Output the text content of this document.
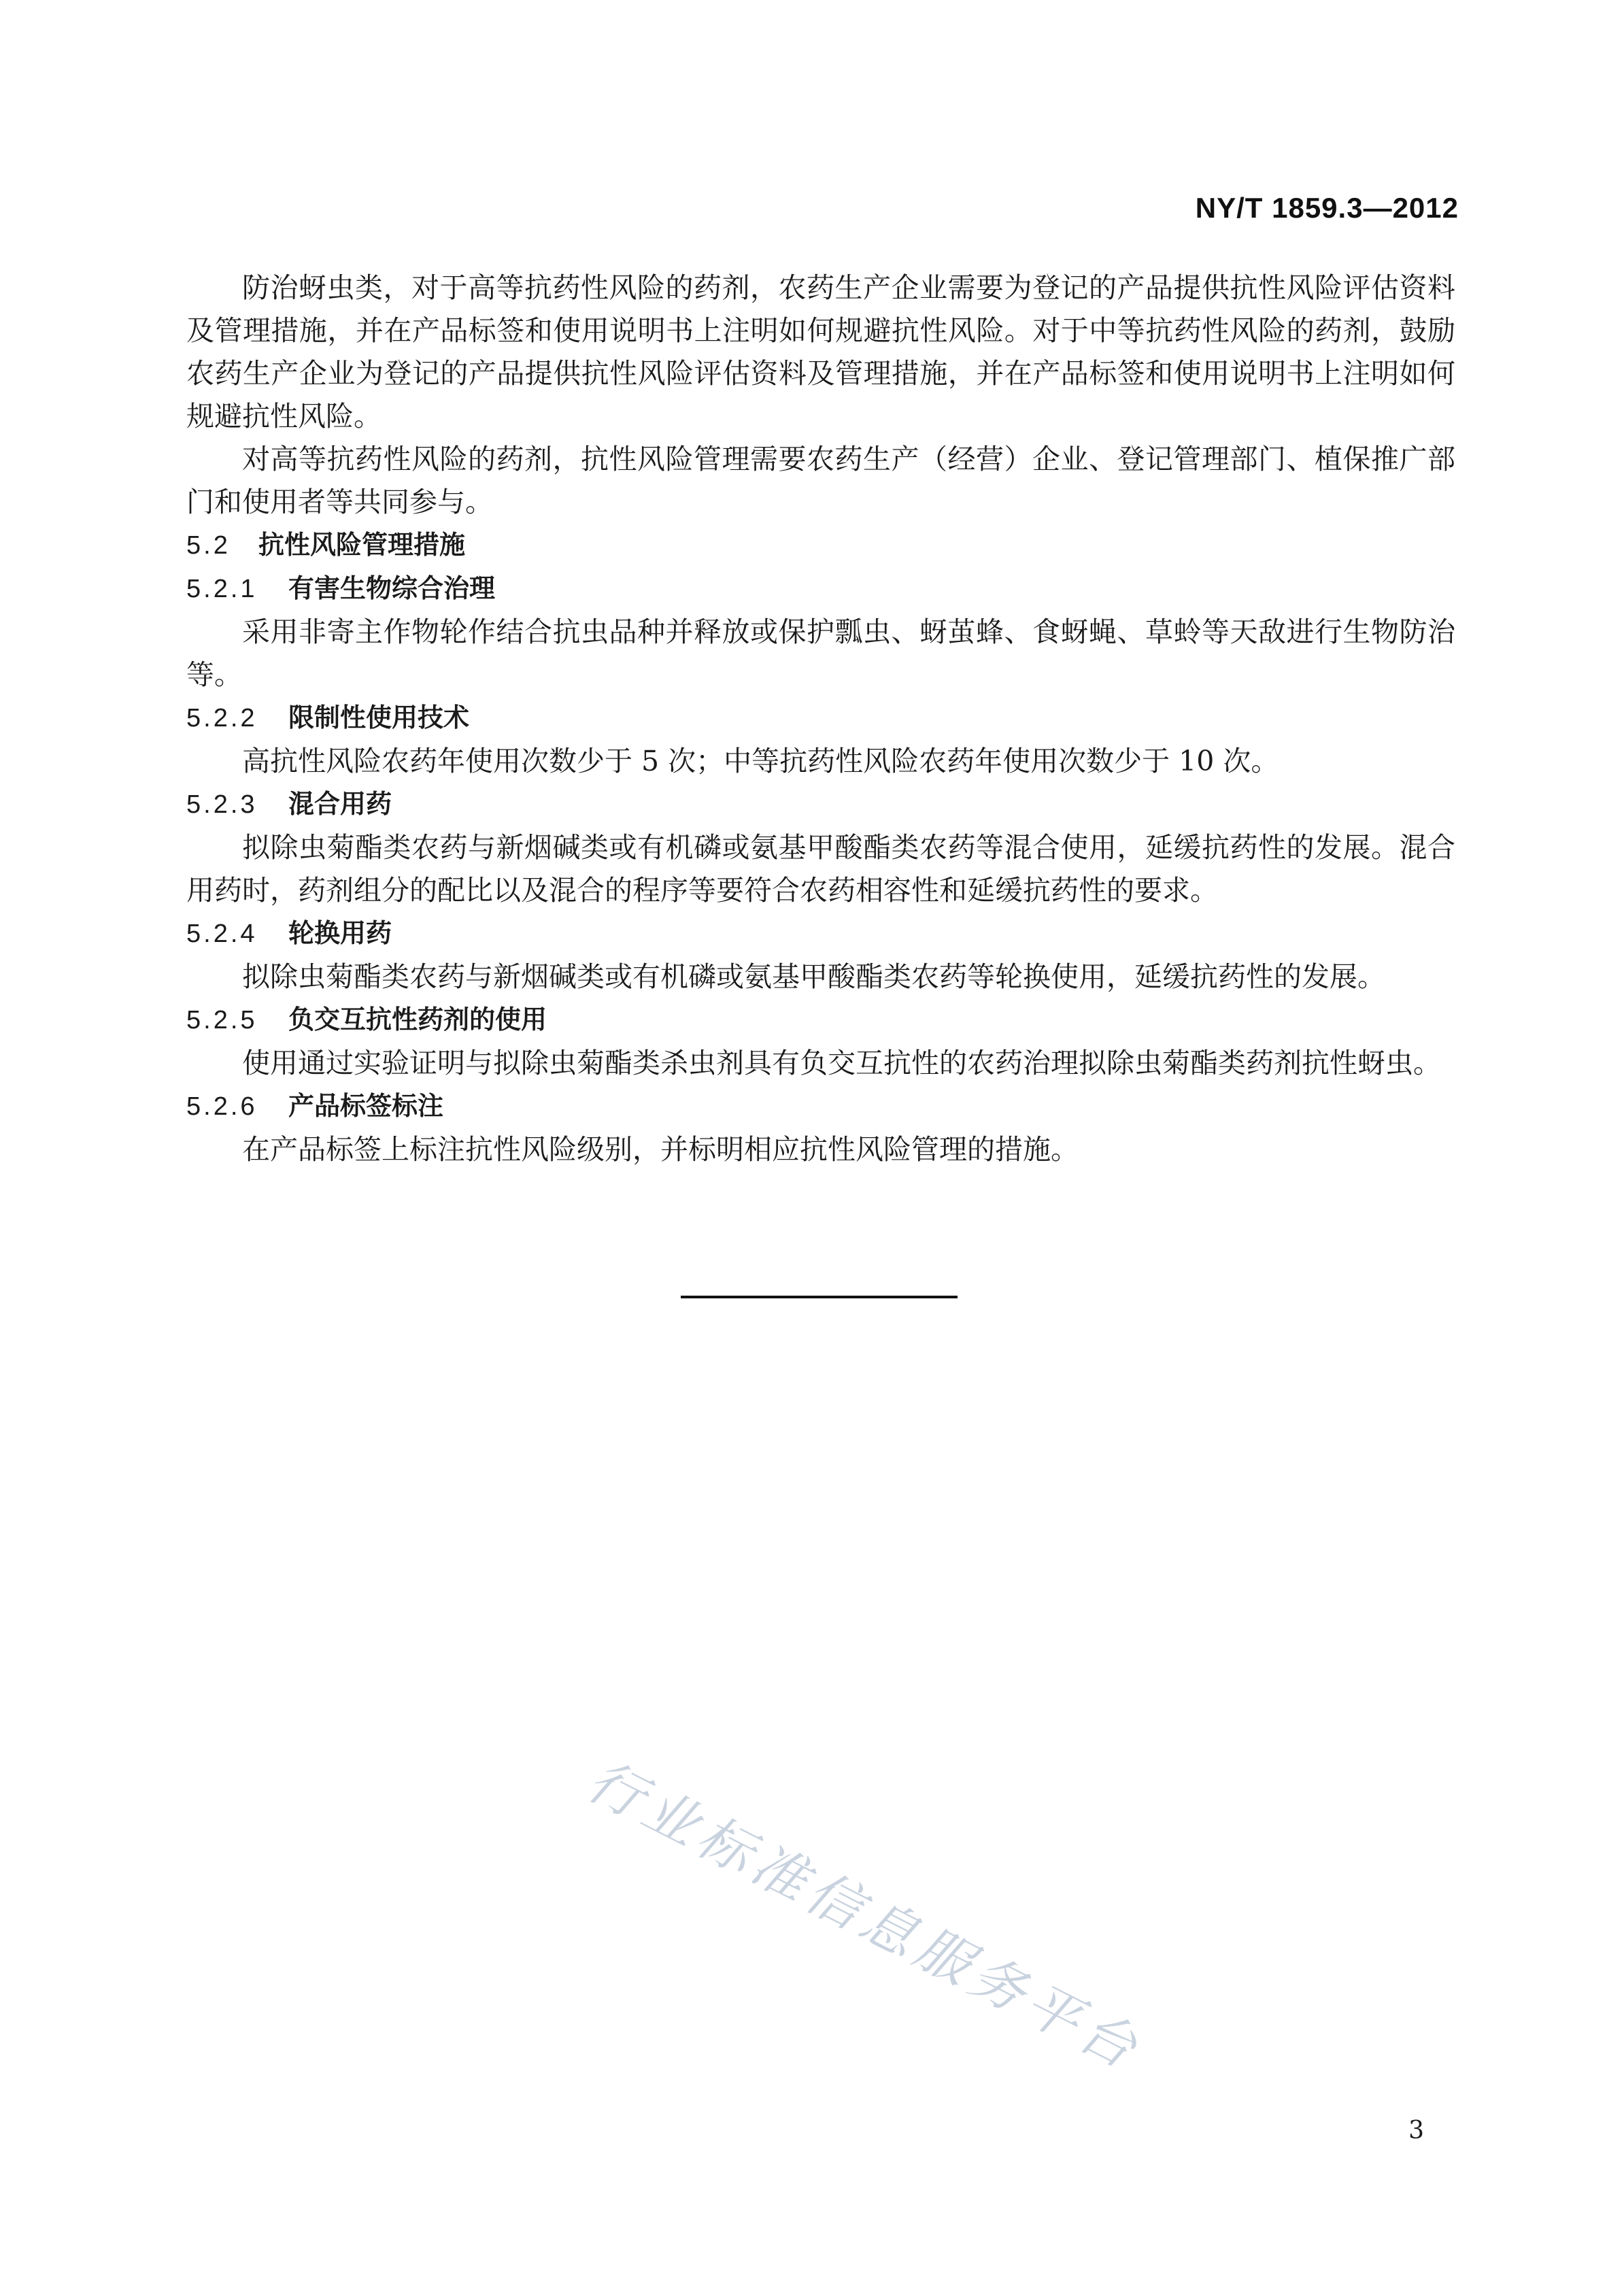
NY/T 1859.3—2012

防治蚜虫类，对于高等抗药性风险的药剂，农药生产企业需要为登记的产品提供抗性风险评估资料及管理措施，并在产品标签和使用说明书上注明如何规避抗性风险。对于中等抗药性风险的药剂，鼓励农药生产企业为登记的产品提供抗性风险评估资料及管理措施，并在产品标签和使用说明书上注明如何规避抗性风险。

对高等抗药性风险的药剂，抗性风险管理需要农药生产（经营）企业、登记管理部门、植保推广部门和使用者等共同参与。

5.2	抗性风险管理措施
5.2.1	有害生物综合治理

采用非寄主作物轮作结合抗虫品种并释放或保护瓢虫、蚜茧蜂、食蚜蝇、草蛉等天敌进行生物防治等。

5.2.2	限制性使用技术

高抗性风险农药年使用次数少于 5 次；中等抗药性风险农药年使用次数少于 10 次。

5.2.3	混合用药

拟除虫菊酯类农药与新烟碱类或有机磷或氨基甲酸酯类农药等混合使用，延缓抗药性的发展。混合用药时，药剂组分的配比以及混合的程序等要符合农药相容性和延缓抗药性的要求。

5.2.4	轮换用药

拟除虫菊酯类农药与新烟碱类或有机磷或氨基甲酸酯类农药等轮换使用，延缓抗药性的发展。

5.2.5	负交互抗性药剂的使用

使用通过实验证明与拟除虫菊酯类杀虫剂具有负交互抗性的农药治理拟除虫菊酯类药剂抗性蚜虫。

5.2.6	产品标签标注

在产品标签上标注抗性风险级别，并标明相应抗性风险管理的措施。

行业标准信息服务平台
3
